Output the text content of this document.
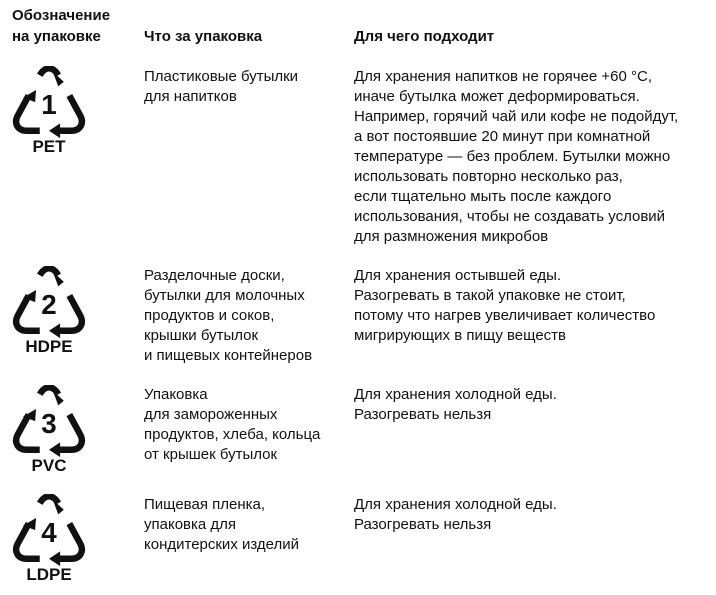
Обозначение
на упаковке	Что за упаковка	Для чего подходит
1
PET
Пластиковые бутылки
для напитков
Для хранения напитков не горячее +60 °С,
иначе бутылка может деформироваться.
Например, горячий чай или кофе не подойдут,
а вот постоявшие 20 минут при комнатной
температуре — без проблем. Бутылки можно
использовать повторно несколько раз,
если тщательно мыть после каждого
использования, чтобы не создавать условий
для размножения микробов
2
HDPE
Разделочные доски,
бутылки для молочных
продуктов и соков,
крышки бутылок
и пищевых контейнеров
Для хранения остывшей еды.
Разогревать в такой упаковке не стоит,
потому что нагрев увеличивает количество
мигрирующих в пищу веществ
3
PVC
Упаковка
для замороженных
продуктов, хлеба, кольца
от крышек бутылок
Для хранения холодной еды.
Разогревать нельзя
4
LDPE
Пищевая пленка,
упаковка для
кондитерских изделий
Для хранения холодной еды.
Разогревать нельзя
